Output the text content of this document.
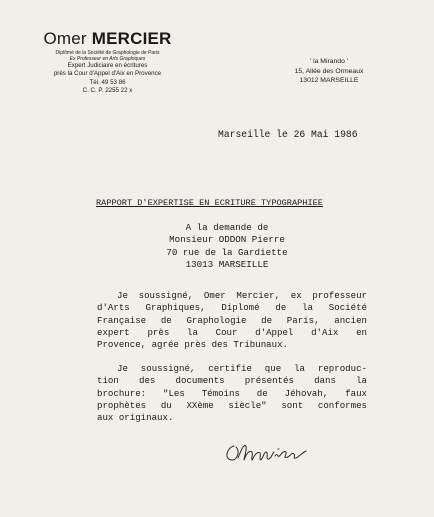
Omer MERCIER
Diplômé de la Société de Graphologie de Paris
Ex Professeur en Arts Graphiques
Expert Judiciaire en écritures
près la Cour d'Appel d'Aix en Provence
Tél. 49 53 86
C. C. P. 2255 22 x
' la Mirando '
15, Allée des Ormeaux
13012 MARSEILLE
Marseille le 26 Mai 1986
RAPPORT D'EXPERTISE EN ECRITURE TYPOGRAPHIEE
A la demande de
Monsieur ODDON Pierre
70 rue de la Gardiette
13013 MARSEILLE
Je soussigné, Omer Mercier, ex professeur
d'Arts Graphiques, Diplomé de la Société
Française de Graphologie de Paris, ancien
expert près la Cour d'Appel d'Aix en
Provence, agrée près des Tribunaux.
Je soussigné, certifie que la reproduc-
tion des documents présentés dans la
brochure: "Les Témoins de Jéhovah, faux
prophètes du XXème siècle" sont conformes
aux originaux.
